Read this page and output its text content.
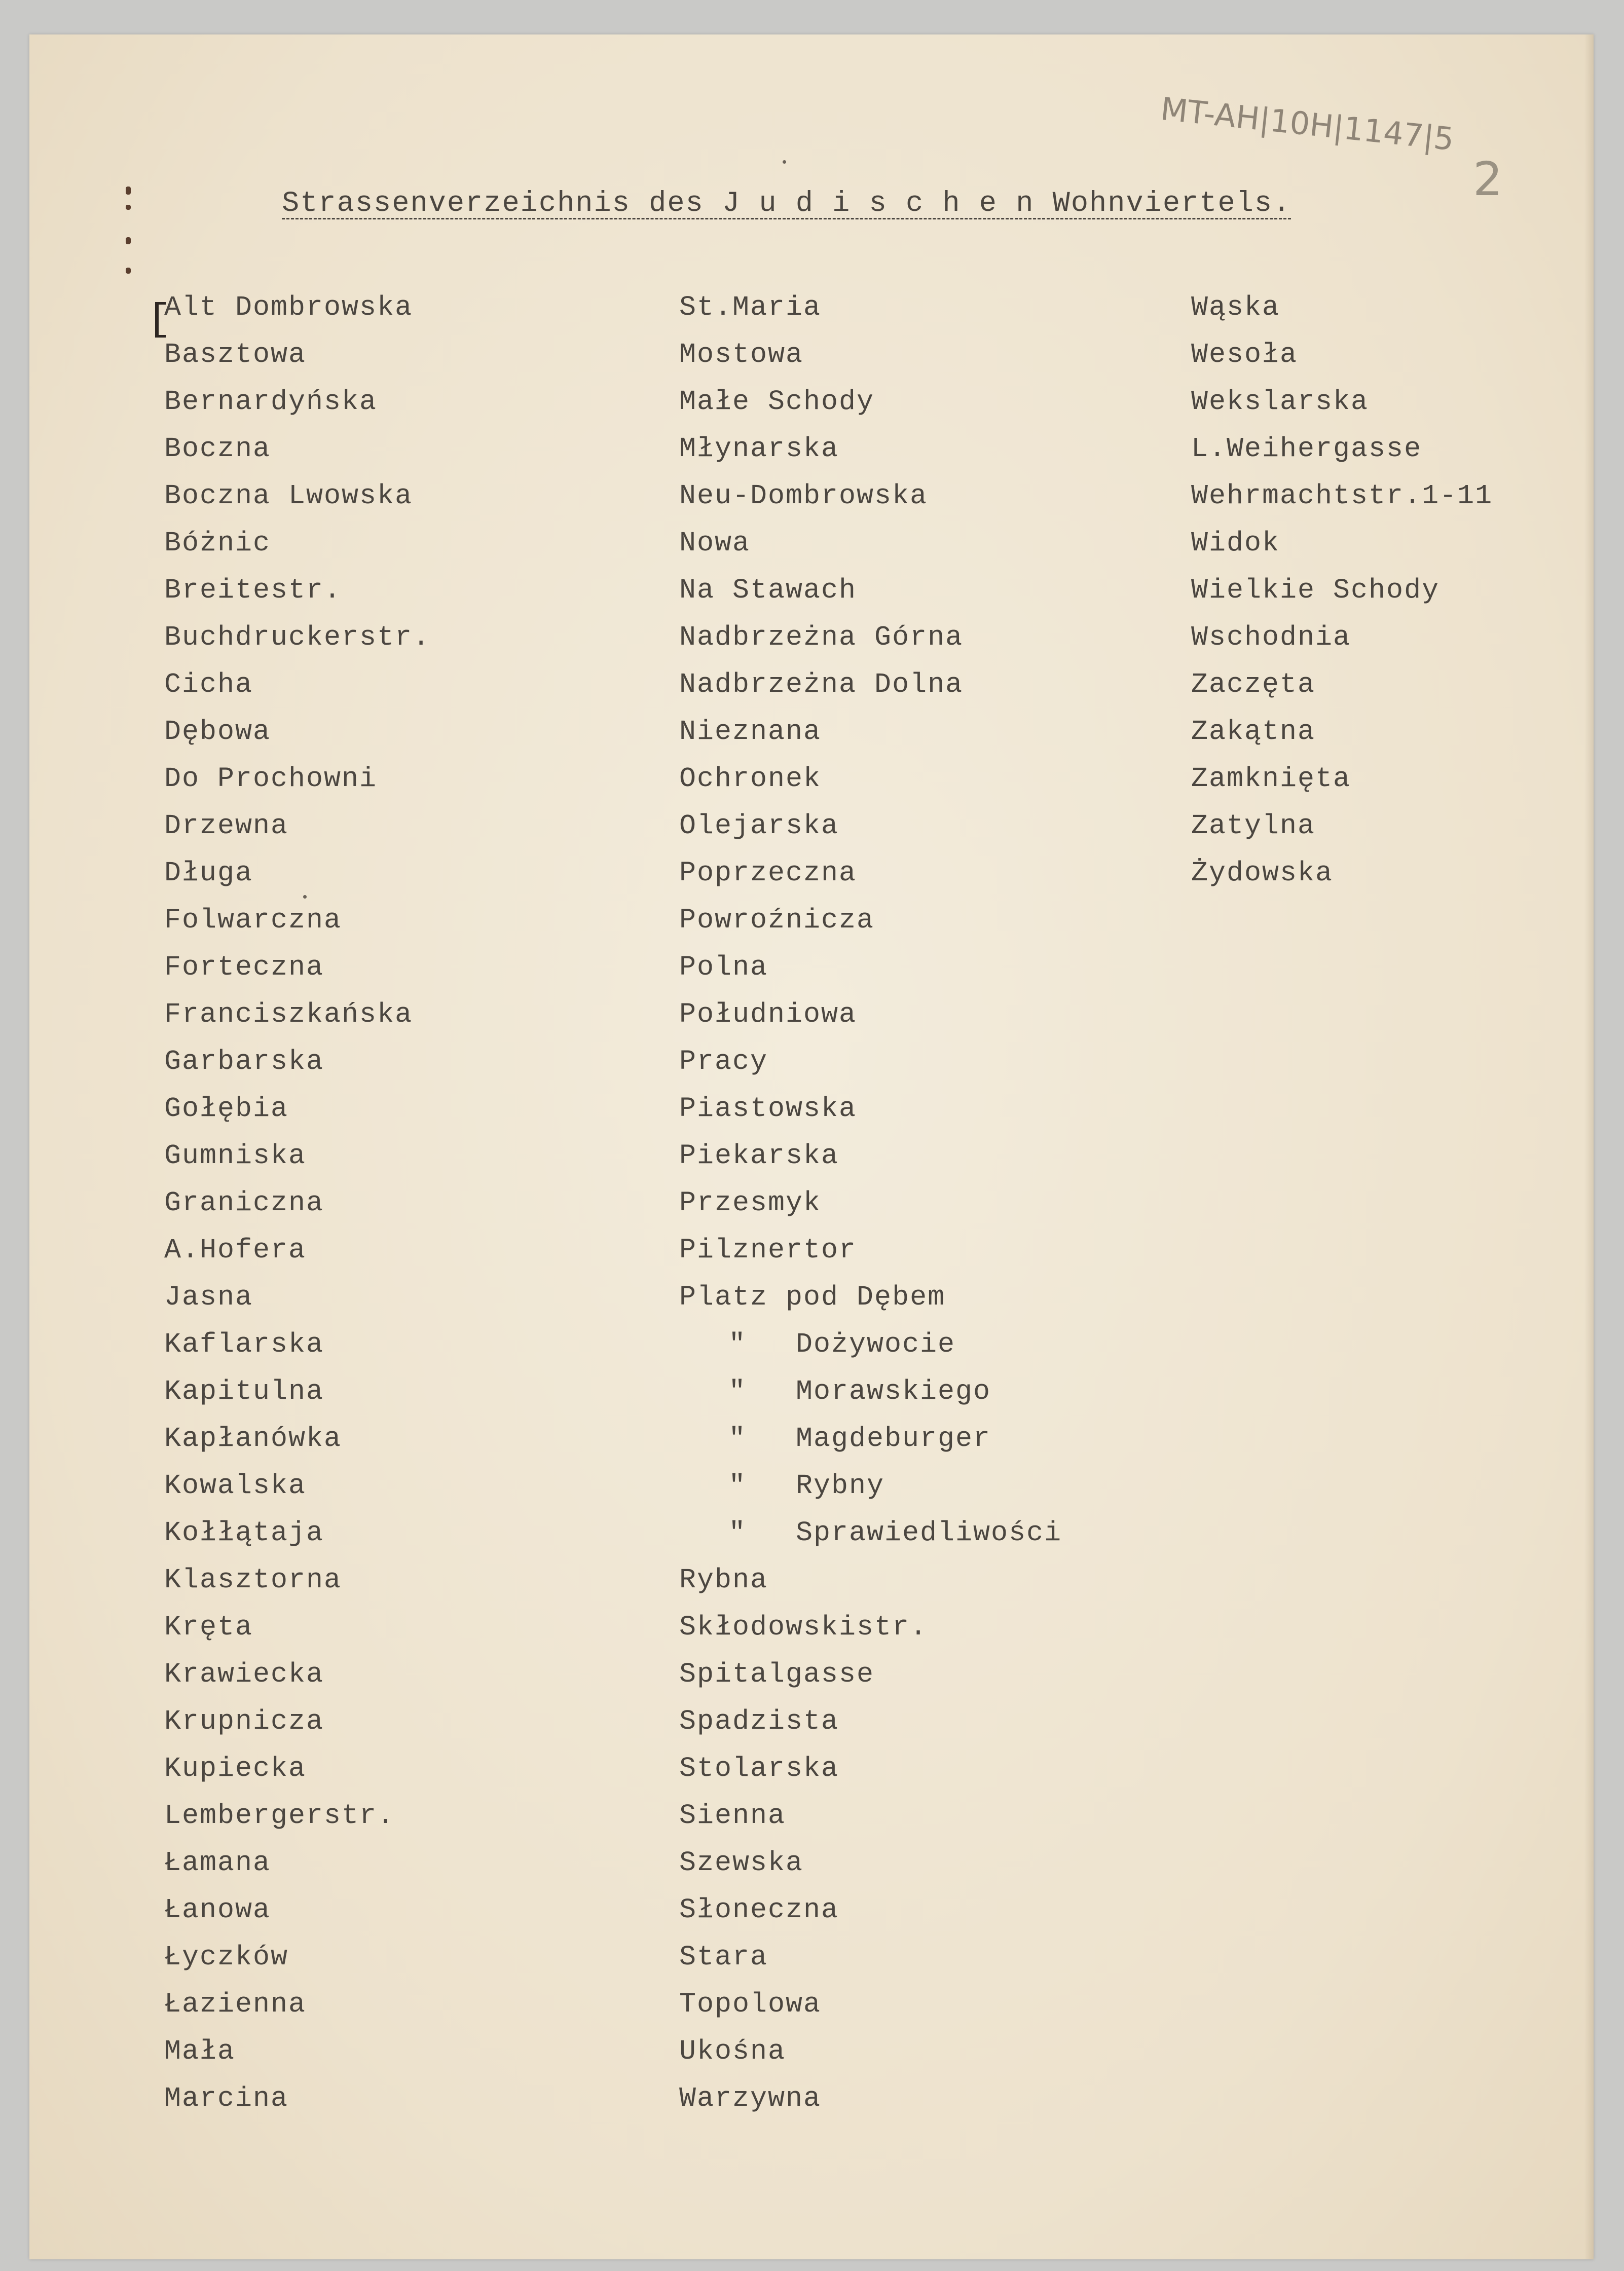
MT-AH|10H|1147|5
2
Strassenverzeichnis des J u d i s c h e n Wohnviertels.
Alt Dombrowska
Basztowa
Bernardyńska
Boczna
Boczna Lwowska
Bóżnic
Breitestr.
Buchdruckerstr.
Cicha
Dębowa
Do Prochowni
Drzewna
Długa
Folwarczna
Forteczna
Franciszkańska
Garbarska
Gołębia
Gumniska
Graniczna
A.Hofera
Jasna
Kaflarska
Kapitulna
Kapłanówka
Kowalska
Kołłątaja
Klasztorna
Kręta
Krawiecka
Krupnicza
Kupiecka
Lembergerstr.
Łamana
Łanowa
Łyczków
Łazienna
Mała
Marcina
St.Maria
Mostowa
Małe Schody
Młynarska
Neu-Dombrowska
Nowa
Na Stawach
Nadbrzeżna Górna
Nadbrzeżna Dolna
Nieznana
Ochronek
Olejarska
Poprzeczna
Powroźnicza
Polna
Południowa
Pracy
Piastowska
Piekarska
Przesmyk
Pilznertor
Platz pod Dębem
" Dożywocie
" Morawskiego
" Magdeburger
" Rybny
" Sprawiedliwości
Rybna
Skłodowskistr.
Spitalgasse
Spadzista
Stolarska
Sienna
Szewska
Słoneczna
Stara
Topolowa
Ukośna
Warzywna
Wąska
Wesoła
Wekslarska
L.Weihergasse
Wehrmachtstr.1-11
Widok
Wielkie Schody
Wschodnia
Zaczęta
Zakątna
Zamknięta
Zatylna
Żydowska
